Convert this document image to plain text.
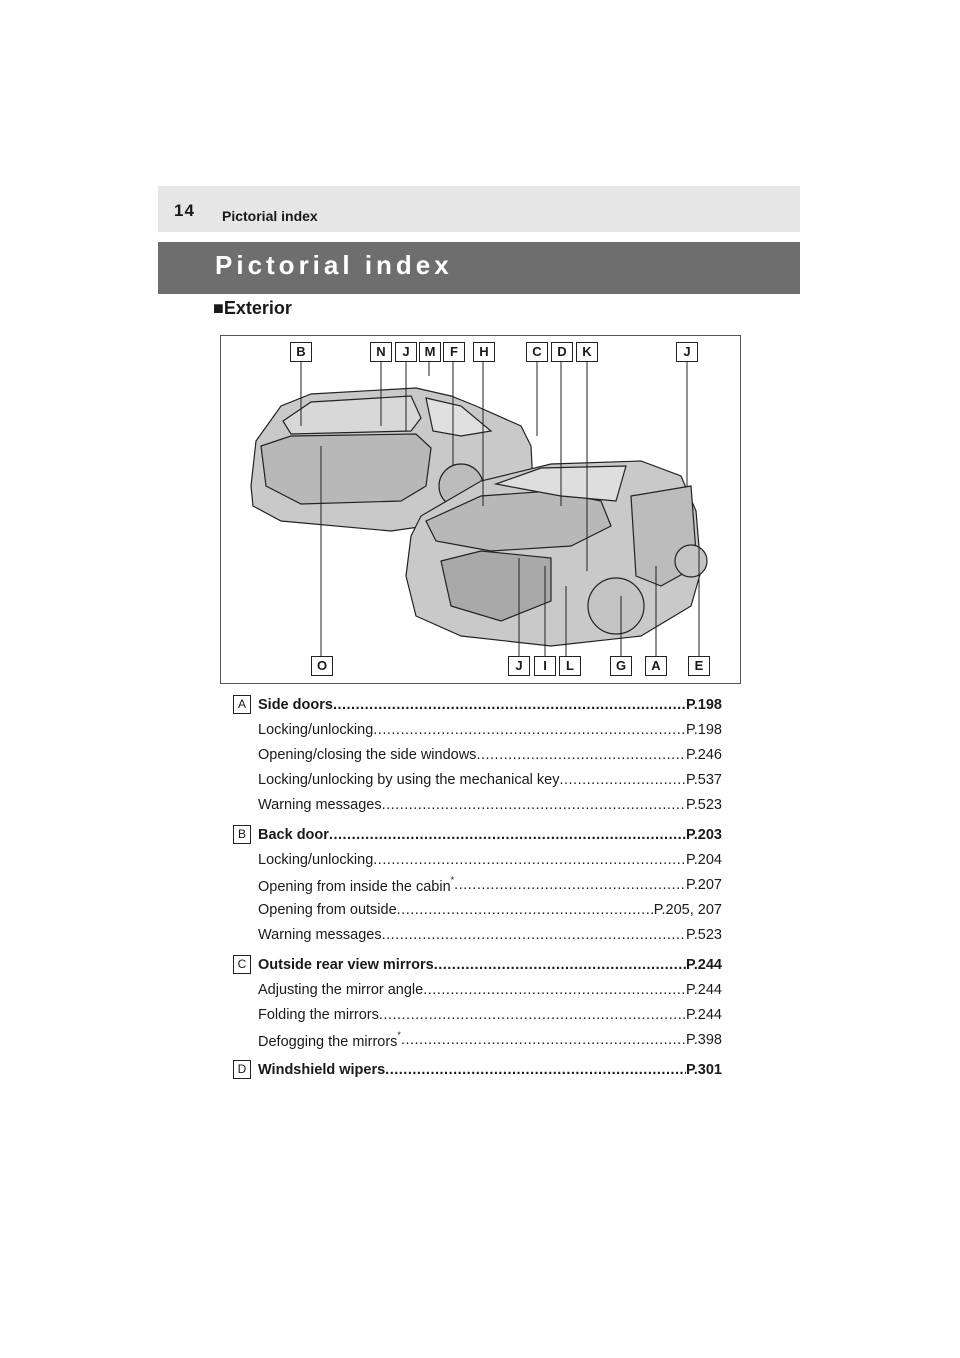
14 Pictorial index
Pictorial index
■Exterior
B	N	J	M	F	H	C	D	K	J
O	J	I	L	G	A	E
A Side doors .....	P.198
Locking/unlocking .....	P.198
Opening/closing the side windows .....	P.246
Locking/unlocking by using the mechanical key .....	P.537
Warning messages .....	P.523
B Back door .....	P.203
Locking/unlocking .....	P.204
Opening from inside the cabin* .....	P.207
Opening from outside .....	P.205, 207
Warning messages .....	P.523
C Outside rear view mirrors .....	P.244
Adjusting the mirror angle .....	P.244
Folding the mirrors .....	P.244
Defogging the mirrors* .....	P.398
D Windshield wipers .....	P.301
